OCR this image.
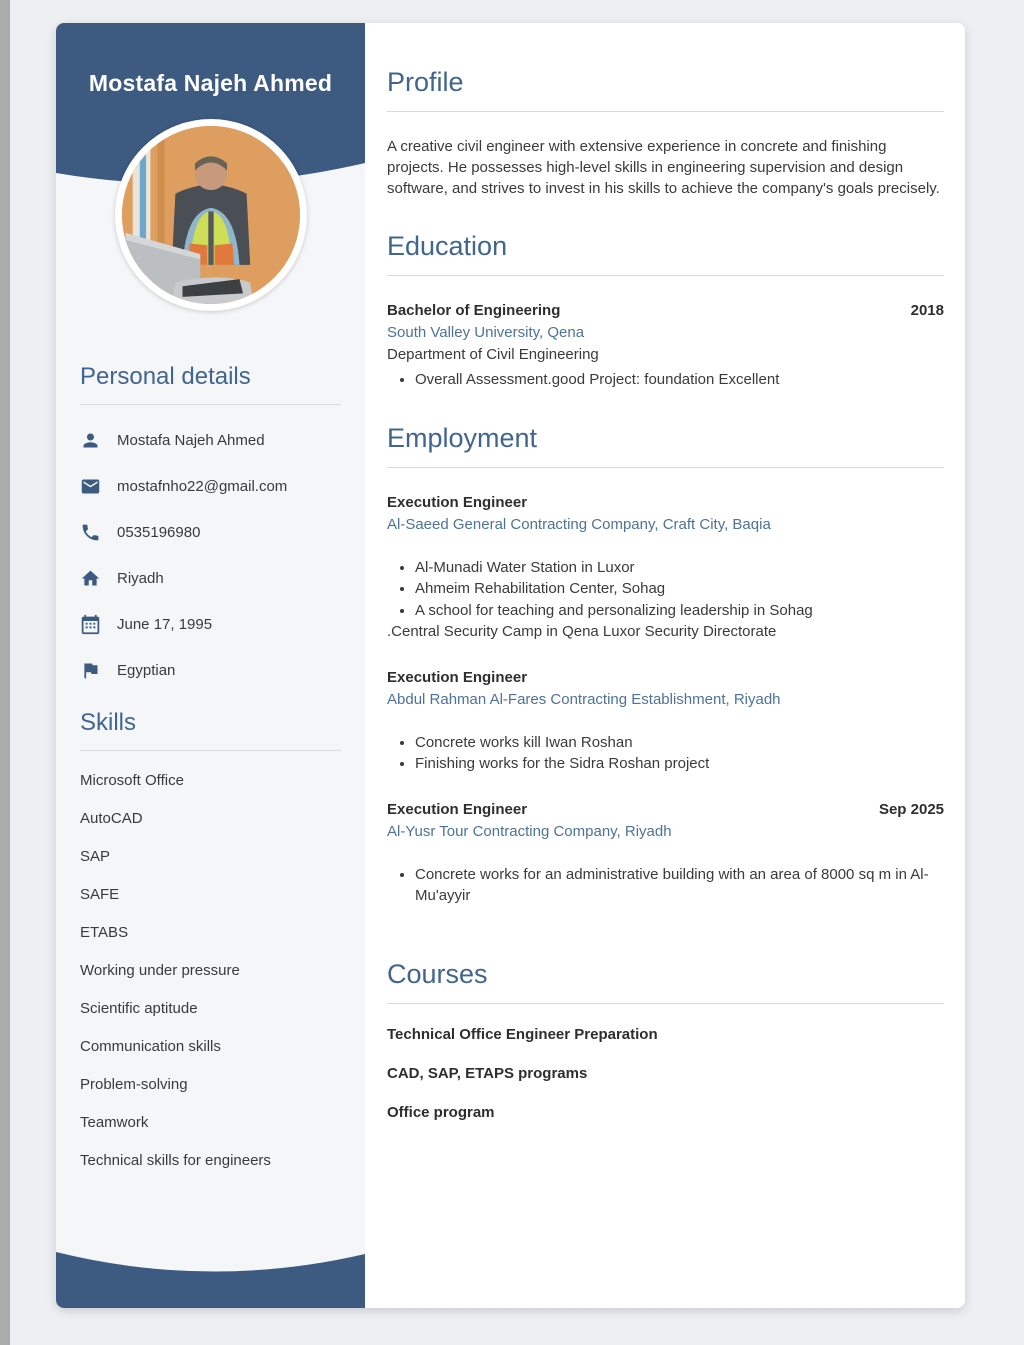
Mostafa Najeh Ahmed
Personal details
Mostafa Najeh Ahmed
mostafnho22@gmail.com
0535196980
Riyadh
June 17, 1995
Egyptian
Skills
Microsoft Office
AutoCAD
SAP
SAFE
ETABS
Working under pressure
Scientific aptitude
Communication skills
Problem-solving
Teamwork
Technical skills for engineers
Profile

A creative civil engineer with extensive experience in concrete and finishing projects. He possesses high-level skills in engineering supervision and design software, and strives to invest in his skills to achieve the company's goals precisely.

Education
Bachelor of Engineering	2018
South Valley University, Qena
Department of Civil Engineering
• Overall Assessment.good Project: foundation Excellent
Employment
Execution Engineer
Al-Saeed General Contracting Company, Craft City, Baqia
• Al-Munadi Water Station in Luxor
• Ahmeim Rehabilitation Center, Sohag
• A school for teaching and personalizing leadership in Sohag
.Central Security Camp in Qena Luxor Security Directorate
Execution Engineer
Abdul Rahman Al-Fares Contracting Establishment, Riyadh
• Concrete works kill Iwan Roshan
• Finishing works for the Sidra Roshan project
Execution Engineer	Sep 2025
Al-Yusr Tour Contracting Company, Riyadh
• Concrete works for an administrative building with an area of 8000 sq m in Al-Mu'ayyir
Courses
Technical Office Engineer Preparation
CAD, SAP, ETAPS programs
Office program
